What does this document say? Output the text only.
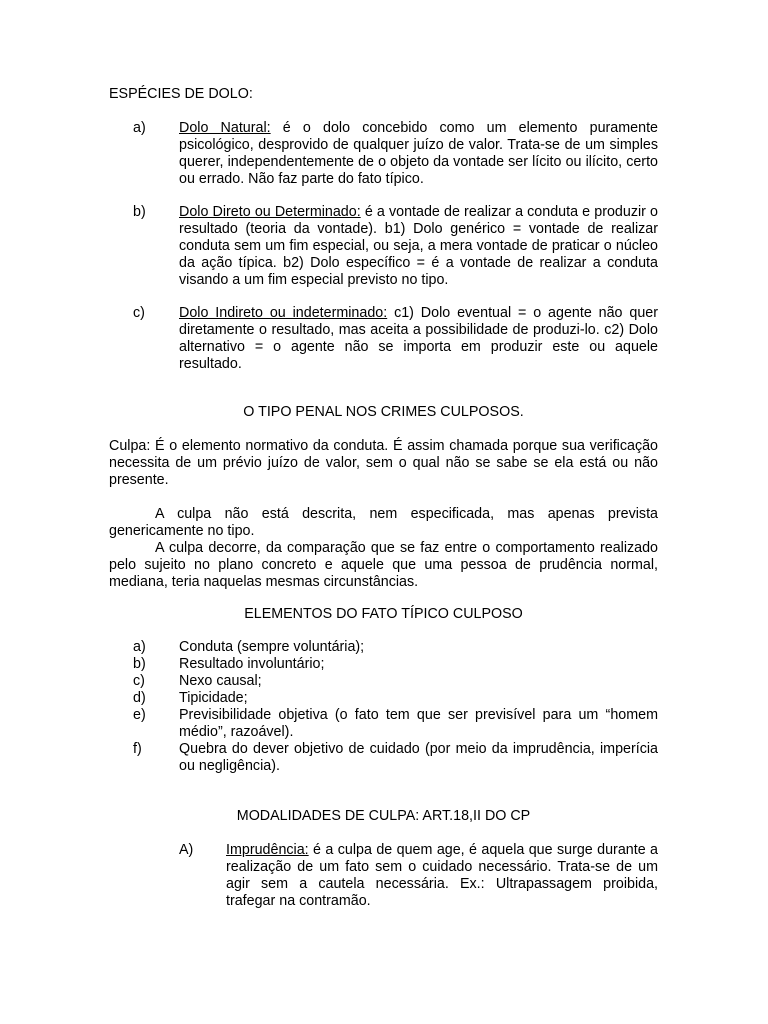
ESPÉCIES DE DOLO:
a) Dolo Natural: é o dolo concebido como um elemento puramente psicológico, desprovido de qualquer juízo de valor. Trata-se de um simples querer, independentemente de o objeto da vontade ser lícito ou ilícito, certo ou errado. Não faz parte do fato típico.
b) Dolo Direto ou Determinado: é a vontade de realizar a conduta e produzir o resultado (teoria da vontade). b1) Dolo genérico = vontade de realizar conduta sem um fim especial, ou seja, a mera vontade de praticar o núcleo da ação típica. b2) Dolo específico = é a vontade de realizar a conduta visando a um fim especial previsto no tipo.
c) Dolo Indireto ou indeterminado: c1) Dolo eventual = o agente não quer diretamente o resultado, mas aceita a possibilidade de produzi-lo. c2) Dolo alternativo = o agente não se importa em produzir este ou aquele resultado.
O TIPO PENAL NOS CRIMES CULPOSOS.
Culpa: É o elemento normativo da conduta. É assim chamada porque sua verificação necessita de um prévio juízo de valor, sem o qual não se sabe se ela está ou não presente.
A culpa não está descrita, nem especificada, mas apenas prevista genericamente no tipo.
A culpa decorre, da comparação que se faz entre o comportamento realizado pelo sujeito no plano concreto e aquele que uma pessoa de prudência normal, mediana, teria naquelas mesmas circunstâncias.
ELEMENTOS DO FATO TÍPICO CULPOSO
a) Conduta (sempre voluntária);
b) Resultado involuntário;
c) Nexo causal;
d) Tipicidade;
e) Previsibilidade objetiva (o fato tem que ser previsível para um “homem médio”, razoável).
f)	Quebra do dever objetivo de cuidado (por meio da imprudência, imperícia ou negligência).
MODALIDADES DE CULPA: ART.18,II DO CP
A) Imprudência: é a culpa de quem age, é aquela que surge durante a realização de um fato sem o cuidado necessário. Trata-se de um agir sem a cautela necessária. Ex.: Ultrapassagem proibida, trafegar na contramão.
